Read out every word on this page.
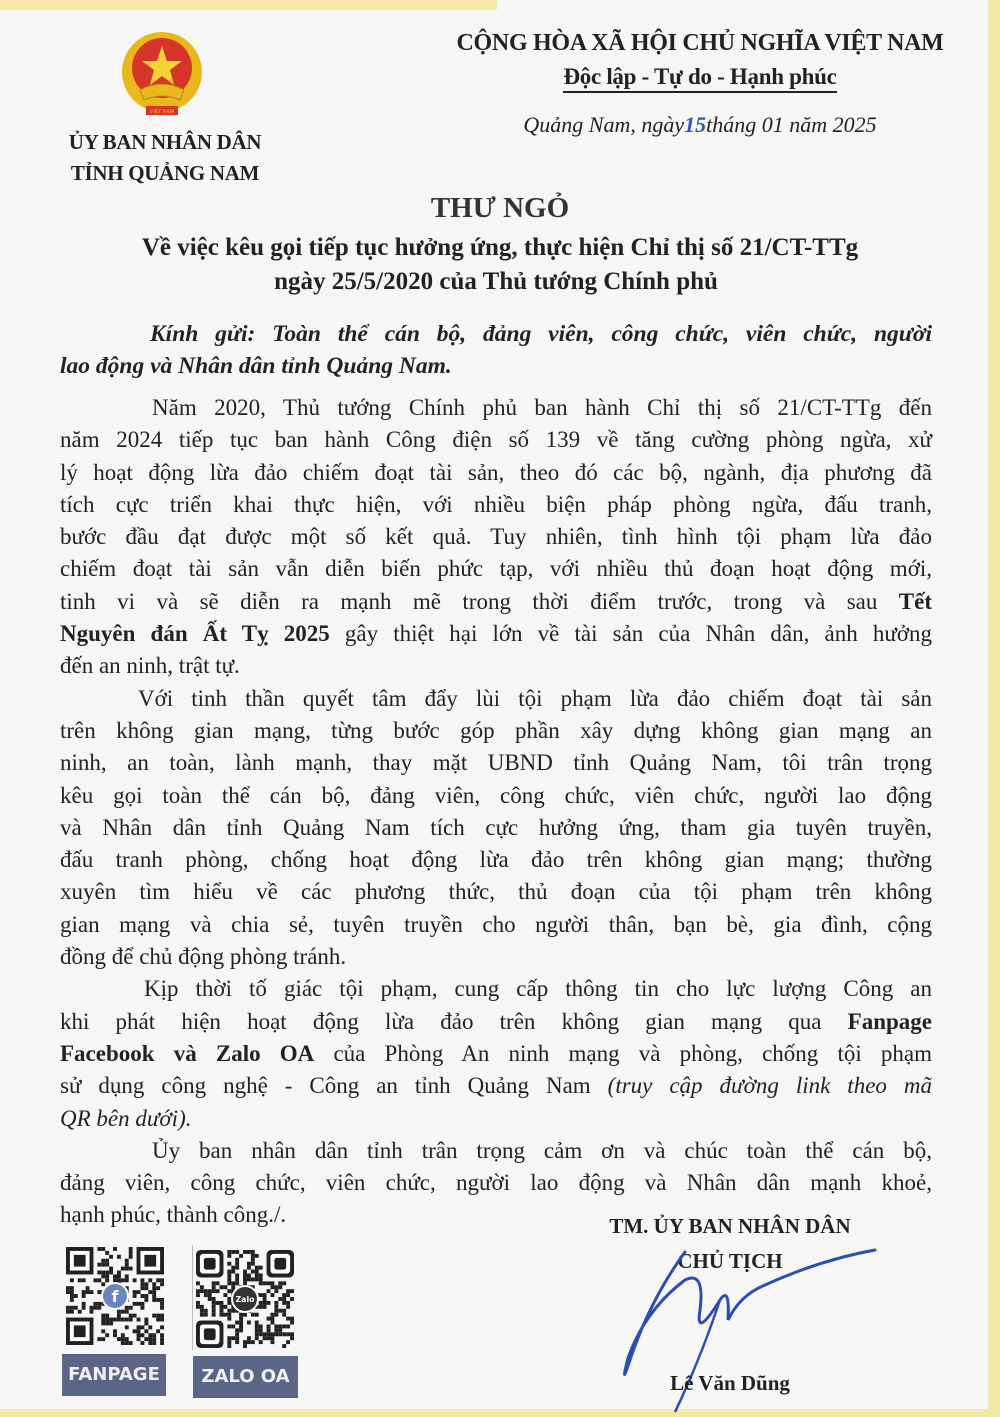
VIỆT NAM
ỦY BAN NHÂN DÂN
TỈNH QUẢNG NAM
CỘNG HÒA XÃ HỘI CHỦ NGHĨA VIỆT NAM
Độc lập - Tự do - Hạnh phúc
Quảng Nam, ngày15tháng 01 năm 2025
THƯ NGỎ
Về việc kêu gọi tiếp tục hưởng ứng, thực hiện Chỉ thị số 21/CT-TTg
ngày 25/5/2020 của Thủ tướng Chính phủ
Kính gửi: Toàn thể cán bộ, đảng viên, công chức, viên chức, người
lao động và Nhân dân tỉnh Quảng Nam.
Năm 2020, Thủ tướng Chính phủ ban hành Chỉ thị số 21/CT-TTg đến
năm 2024 tiếp tục ban hành Công điện số 139 về tăng cường phòng ngừa, xử
lý hoạt động lừa đảo chiếm đoạt tài sản, theo đó các bộ, ngành, địa phương đã
tích cực triển khai thực hiện, với nhiều biện pháp phòng ngừa, đấu tranh,
bước đầu đạt được một số kết quả. Tuy nhiên, tình hình tội phạm lừa đảo
chiếm đoạt tài sản vẫn diễn biến phức tạp, với nhiều thủ đoạn hoạt động mới,
tinh vi và sẽ diễn ra mạnh mẽ trong thời điểm trước, trong và sau Tết
Nguyên đán Ất Tỵ 2025 gây thiệt hại lớn về tài sản của Nhân dân, ảnh hưởng
đến an ninh, trật tự.
Với tinh thần quyết tâm đẩy lùi tội phạm lừa đảo chiếm đoạt tài sản
trên không gian mạng, từng bước góp phần xây dựng không gian mạng an
ninh, an toàn, lành mạnh, thay mặt UBND tỉnh Quảng Nam, tôi trân trọng
kêu gọi toàn thể cán bộ, đảng viên, công chức, viên chức, người lao động
và Nhân dân tỉnh Quảng Nam tích cực hưởng ứng, tham gia tuyên truyền,
đấu tranh phòng, chống hoạt động lừa đảo trên không gian mạng; thường
xuyên tìm hiểu về các phương thức, thủ đoạn của tội phạm trên không
gian mạng và chia sẻ, tuyên truyền cho người thân, bạn bè, gia đình, cộng
đồng để chủ động phòng tránh.
Kịp thời tố giác tội phạm, cung cấp thông tin cho lực lượng Công an
khi phát hiện hoạt động lừa đảo trên không gian mạng qua Fanpage
Facebook và Zalo OA của Phòng An ninh mạng và phòng, chống tội phạm
sử dụng công nghệ - Công an tỉnh Quảng Nam (truy cập đường link theo mã
QR bên dưới).
Ủy ban nhân dân tỉnh trân trọng cảm ơn và chúc toàn thể cán bộ,
đảng viên, công chức, viên chức, người lao động và Nhân dân mạnh khoẻ,
hạnh phúc, thành công./.	TM. ỦY BAN NHÂN DÂN
CHỦ TỊCH
Lê Văn Dũng
f	Zalo
FANPAGE	ZALO OA
